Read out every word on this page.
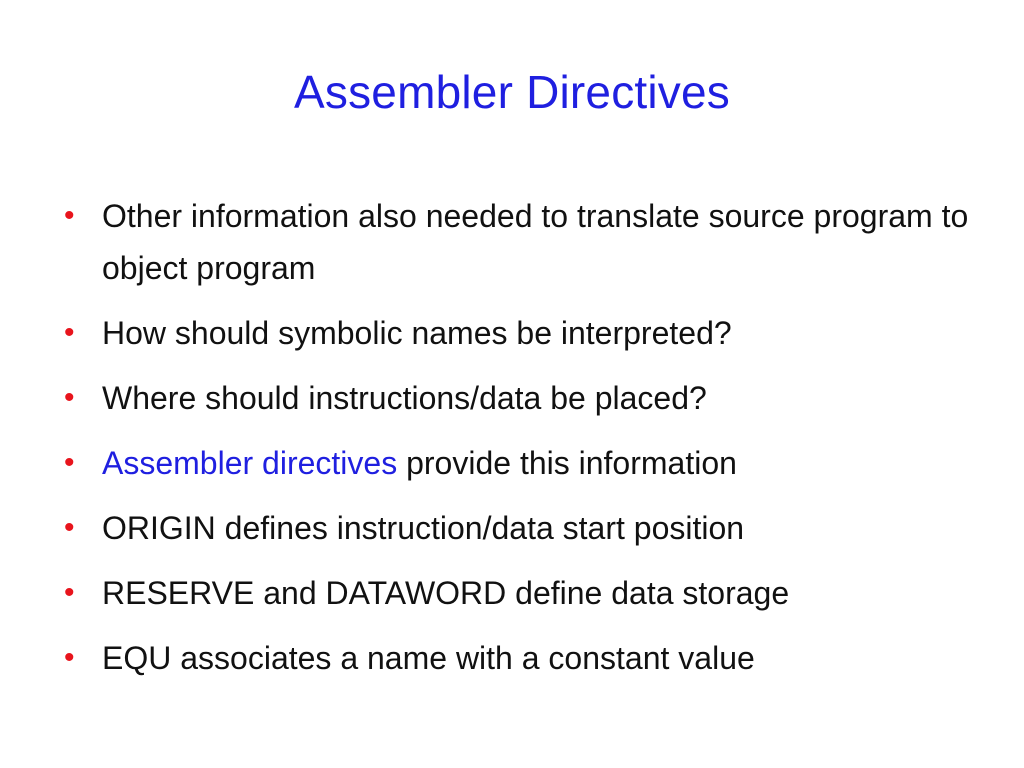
Assembler Directives
• Other information also needed to translate source program to object program
• How should symbolic names be interpreted?
• Where should instructions/data be placed?
• Assembler directives provide this information
• ORIGIN defines instruction/data start position
• RESERVE and DATAWORD define data storage
• EQU associates a name with a constant value
